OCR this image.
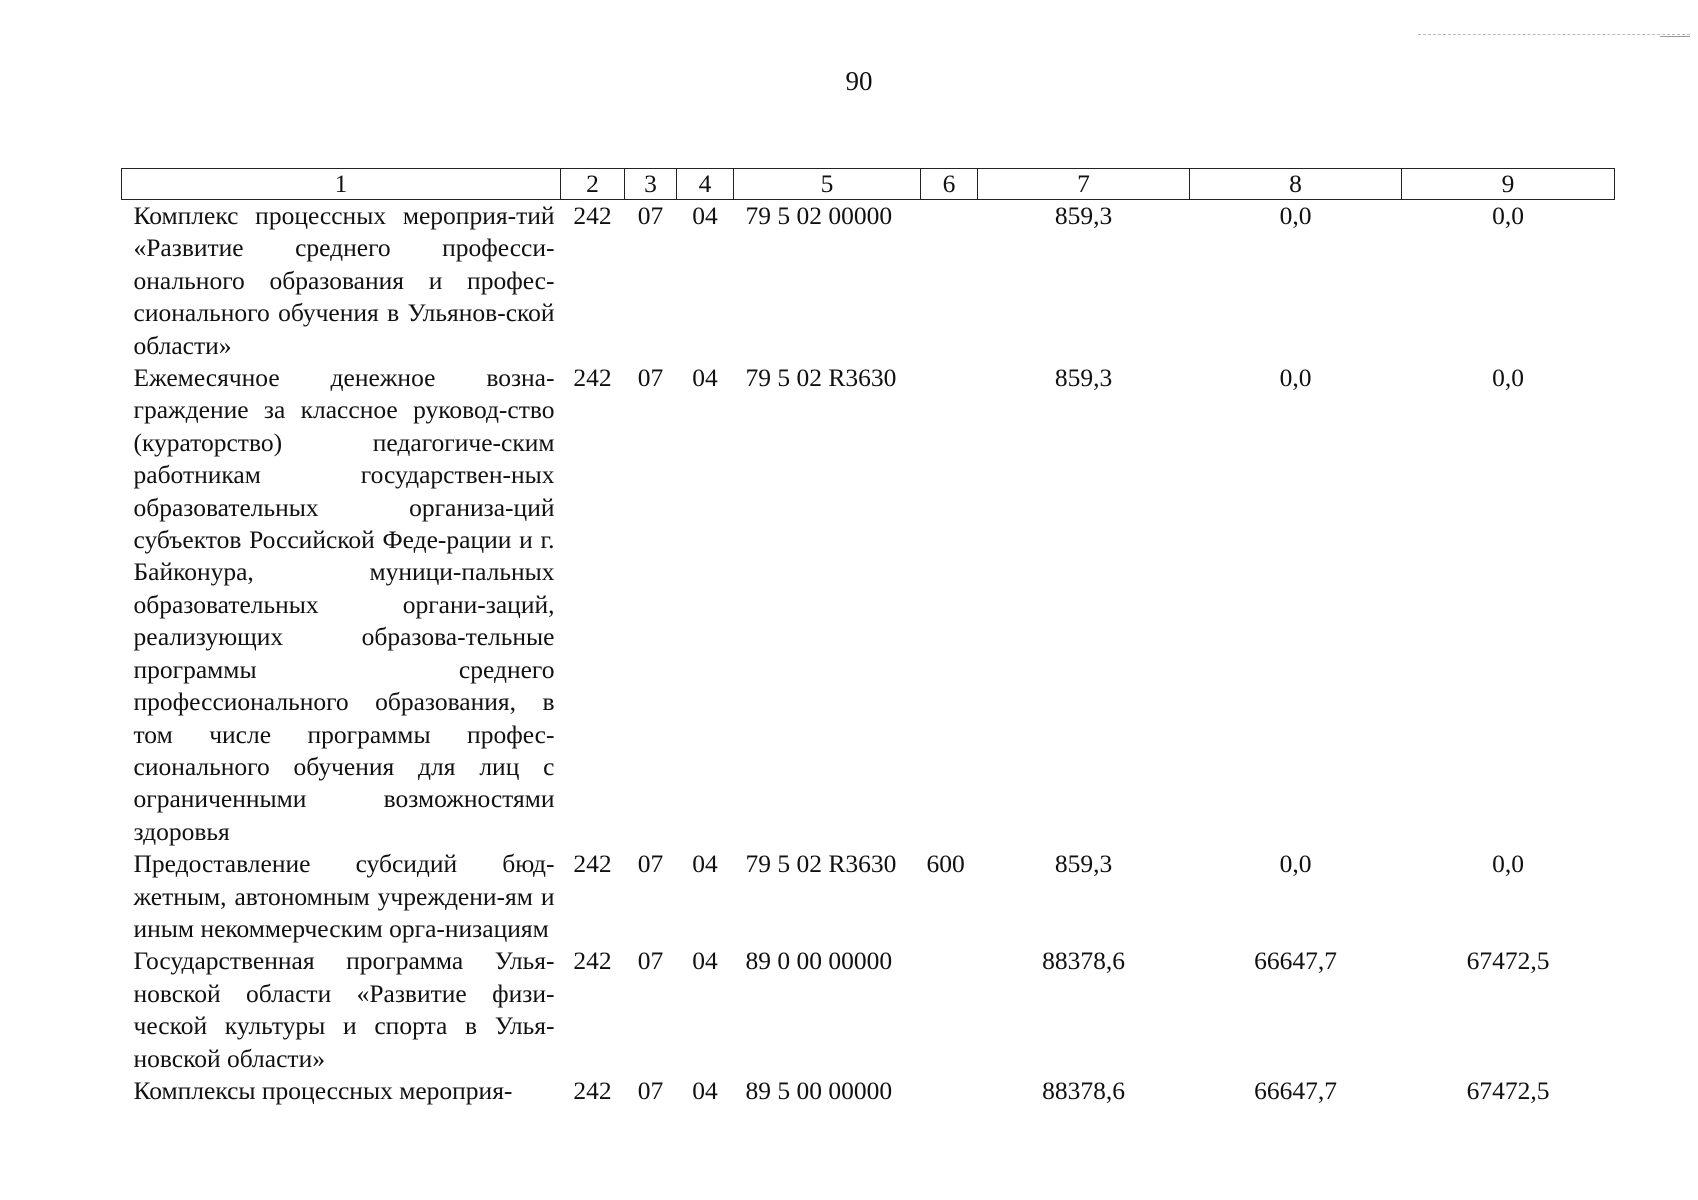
90
1	2	3	4	5	6	7	8	9
Комплекс процессных мероприя-тий «Развитие среднего професси-онального образования и профес-сионального обучения в Ульянов-ской области»	242	07	04	79 5 02 00000		859,3	0,0	0,0
Ежемесячное денежное возна-граждение за классное руковод-ство (кураторство) педагогиче-ским работникам государствен-ных образовательных организа-ций субъектов Российской Феде-рации и г. Байконура, муници-пальных образовательных органи-заций, реализующих образова-тельные программы среднего профессионального образования, в том числе программы профес-сионального обучения для лиц с ограниченными возможностями здоровья	242	07	04	79 5 02 R3630		859,3	0,0	0,0
Предоставление субсидий бюд-жетным, автономным учреждени-ям и иным некоммерческим орга-низациям	242	07	04	79 5 02 R3630	600	859,3	0,0	0,0
Государственная программа Улья-новской области «Развитие физи-ческой культуры и спорта в Улья-новской области»	242	07	04	89 0 00 00000		88378,6	66647,7	67472,5
Комплексы процессных мероприя-	242	07	04	89 5 00 00000		88378,6	66647,7	67472,5
